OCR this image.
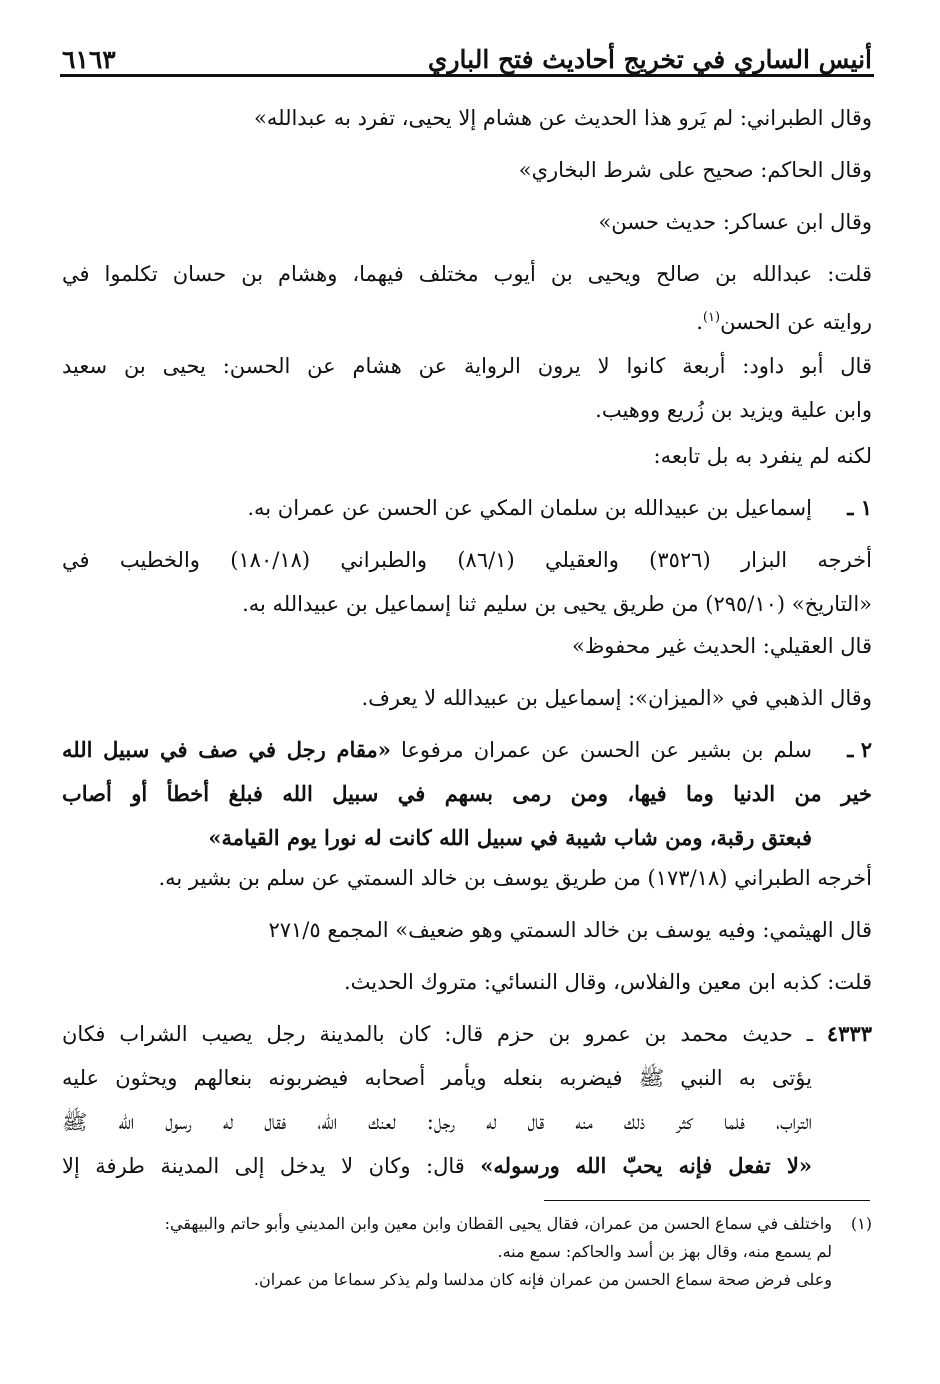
أنيس الساري في تخريج أحاديث فتح الباري
٦١٦٣
وقال الطبراني: لم يَرو هذا الحديث عن هشام إلا يحيى، تفرد به عبدالله»
وقال الحاكم: صحيح على شرط البخاري»
وقال ابن عساكر: حديث حسن»
قلت: عبدالله بن صالح ويحيى بن أيوب مختلف فيهما، وهشام بن حسان تكلموا في
روايته عن الحسن$^{(١)}$.
قال أبو داود: أربعة كانوا لا يرون الرواية عن هشام عن الحسن: يحيى بن سعيد
وابن علية ويزيد بن زُريع ووهيب.
لكنه لم ينفرد به بل تابعه:
١ ـ
إسماعيل بن عبيدالله بن سلمان المكي عن الحسن عن عمران به.
أخرجه البزار (٣٥٢٦) والعقيلي (٨٦/١) والطبراني (١٨٠/١٨) والخطيب في
«التاريخ» (٢٩٥/١٠) من طريق يحيى بن سليم ثنا إسماعيل بن عبيدالله به.
قال العقيلي: الحديث غير محفوظ»
وقال الذهبي في «الميزان»: إسماعيل بن عبيدالله لا يعرف.
٢ ـ
سلم بن بشير عن الحسن عن عمران مرفوعا «مقام رجل في صف في سبيل الله
خير من الدنيا وما فيها، ومن رمى بسهم في سبيل الله فبلغ أخطأ أو أصاب
فبعتق رقبة، ومن شاب شيبة في سبيل الله كانت له نورا يوم القيامة»
أخرجه الطبراني (١٧٣/١٨) من طريق يوسف بن خالد السمتي عن سلم بن بشير به.
قال الهيثمي: وفيه يوسف بن خالد السمتي وهو ضعيف» المجمع ٢٧١/٥
قلت: كذبه ابن معين والفلاس، وقال النسائي: متروك الحديث.
٤٣٣٣ ـ حديث محمد بن عمرو بن حزم قال: كان بالمدينة رجل يصيب الشراب فكان
يؤتى به النبي ﷺ فيضربه بنعله ويأمر أصحابه فيضربونه بنعالهم ويحثون عليه
التراب، فلما كثر ذلك منه قال له رجل: لعنك الله، فقال له رسول الله ﷺ
«لا تفعل فإنه يحبّ الله ورسوله» قال: وكان لا يدخل إلى المدينة طرفة إلا
(١)
واختلف في سماع الحسن من عمران، فقال يحيى القطان وابن معين وابن المديني وأبو حاتم والبيهقي:
لم يسمع منه، وقال بهز بن أسد والحاكم: سمع منه.
وعلى فرض صحة سماع الحسن من عمران فإنه كان مدلسا ولم يذكر سماعا من عمران.
